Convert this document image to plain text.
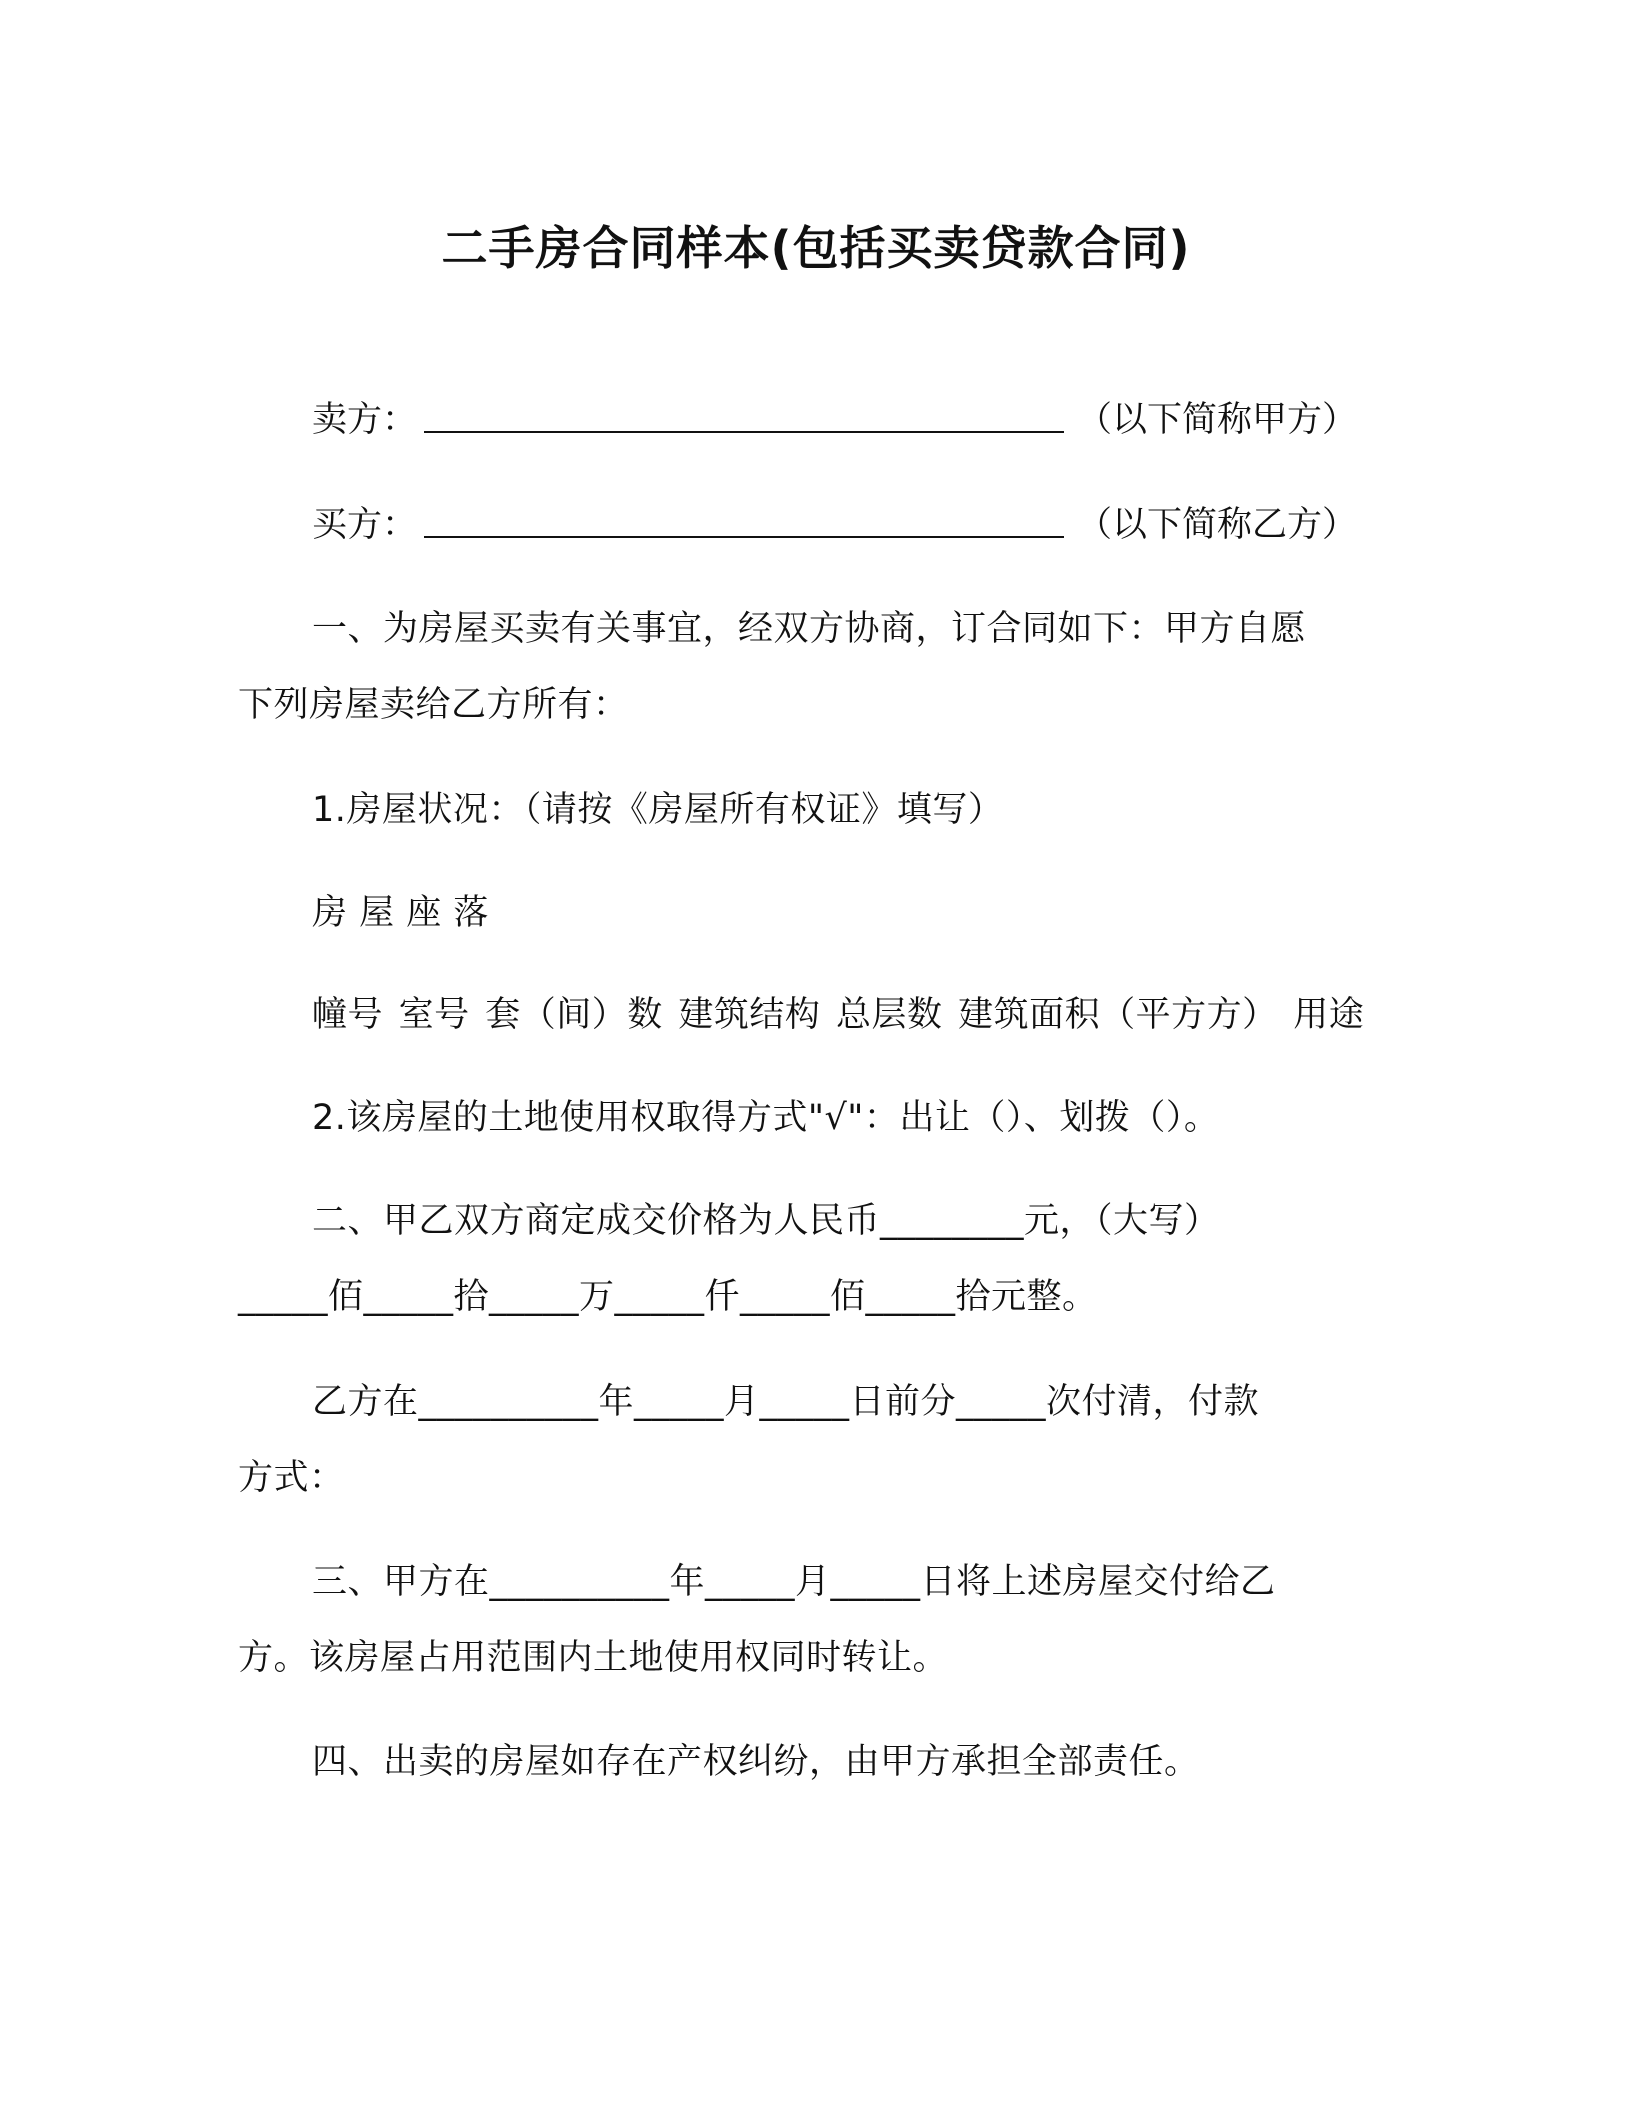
二手房合同样本(包括买卖贷款合同)
卖方：	（以下简称甲方）
买方：	（以下简称乙方）
一、为房屋买卖有关事宜，经双方协商，订合同如下：甲方自愿
下列房屋卖给乙方所有：
1.房屋状况：（请按《房屋所有权证》填写）
房 屋 座 落
幢号 室号 套（间）数 建筑结构 总层数 建筑面积（平方方） 用途
2.该房屋的土地使用权取得方式"√"：出让（）、划拨（）。
二、甲乙双方商定成交价格为人民币________元，（大写）
_____佰_____拾_____万_____仟_____佰_____拾元整。
乙方在__________年_____月_____日前分_____次付清，付款
方式：
三、甲方在__________年_____月_____日将上述房屋交付给乙
方。该房屋占用范围内土地使用权同时转让。
四、出卖的房屋如存在产权纠纷，由甲方承担全部责任。
